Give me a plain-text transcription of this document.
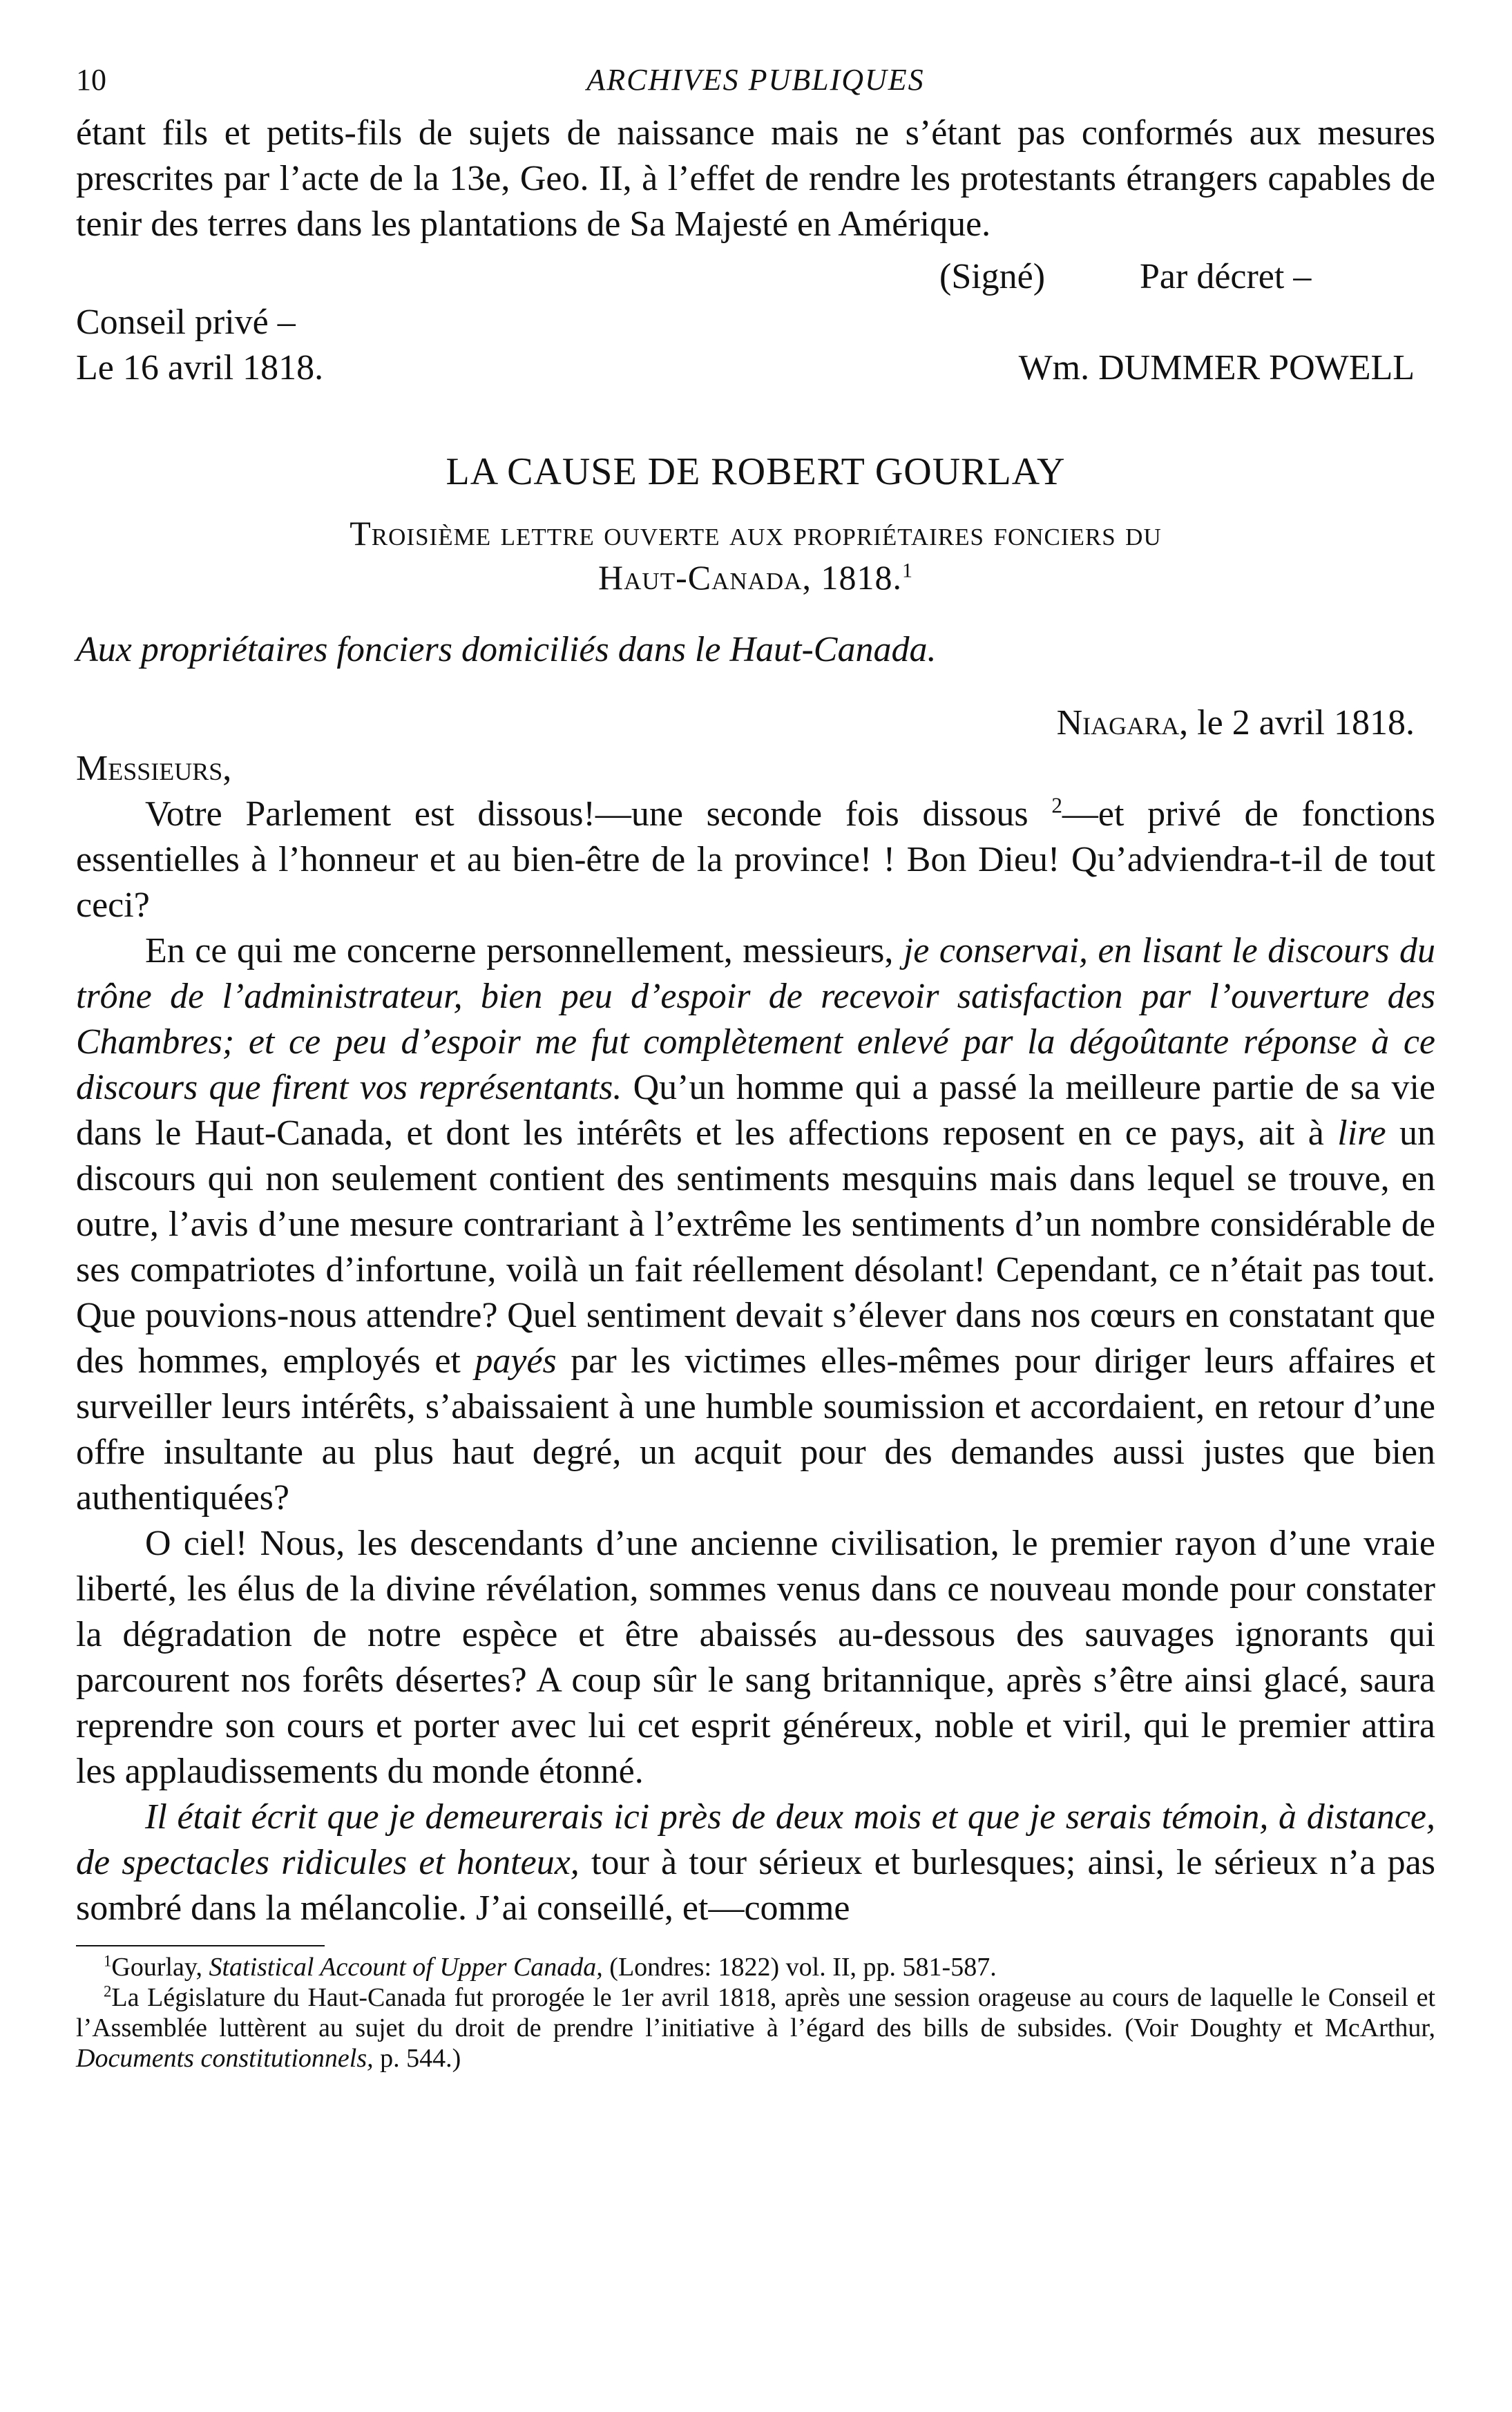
10	ARCHIVES PUBLIQUES

étant fils et petits-fils de sujets de naissance mais ne s’étant pas conformés aux mesures prescrites par l’acte de la 13e, Geo. II, à l’effet de rendre les protestants étrangers capables de tenir des terres dans les plantations de Sa Majesté en Amérique.

(Signé)	Par décret –
Conseil privé –
Le 16 avril 1818.	Wm. DUMMER POWELL
LA CAUSE DE ROBERT GOURLAY
Troisième lettre ouverte aux propriétaires fonciers du
Haut-Canada, 1818.$^1$
Aux propriétaires fonciers domiciliés dans le Haut-Canada.
Niagara, le 2 avril 1818.
Messieurs,

Votre Parlement est dissous!—une seconde fois dissous $^2$—et privé de fonctions essentielles à l’honneur et au bien-être de la province! ! Bon Dieu! Qu’adviendra-t-il de tout ceci?

En ce qui me concerne personnellement, messieurs, je conservai, en lisant le discours du trône de l’administrateur, bien peu d’espoir de recevoir satisfaction par l’ouverture des Chambres; et ce peu d’espoir me fut complètement enlevé par la dégoûtante réponse à ce discours que firent vos représentants. Qu’un homme qui a passé la meilleure partie de sa vie dans le Haut-Canada, et dont les intérêts et les affections reposent en ce pays, ait à lire un discours qui non seulement contient des sentiments mesquins mais dans lequel se trouve, en outre, l’avis d’une mesure contrariant à l’extrême les sentiments d’un nombre considérable de ses compatriotes d’infortune, voilà un fait réellement désolant! Cependant, ce n’était pas tout. Que pouvions-nous attendre? Quel sentiment devait s’élever dans nos cœurs en constatant que des hommes, employés et payés par les victimes elles-mêmes pour diriger leurs affaires et surveiller leurs intérêts, s’abaissaient à une humble soumission et accordaient, en retour d’une offre insultante au plus haut degré, un acquit pour des demandes aussi justes que bien authentiquées?

O ciel! Nous, les descendants d’une ancienne civilisation, le premier rayon d’une vraie liberté, les élus de la divine révélation, sommes venus dans ce nouveau monde pour constater la dégradation de notre espèce et être abaissés au-dessous des sauvages ignorants qui parcourent nos forêts désertes? A coup sûr le sang britannique, après s’être ainsi glacé, saura reprendre son cours et porter avec lui cet esprit généreux, noble et viril, qui le premier attira les applaudissements du monde étonné.

Il était écrit que je demeurerais ici près de deux mois et que je serais témoin, à distance, de spectacles ridicules et honteux, tour à tour sérieux et burlesques; ainsi, le sérieux n’a pas sombré dans la mélancolie. J’ai conseillé, et—comme

$^1$Gourlay, Statistical Account of Upper Canada, (Londres: 1822) vol. II, pp. 581-587.

$^2$La Législature du Haut-Canada fut prorogée le 1er avril 1818, après une session orageuse au cours de laquelle le Conseil et l’Assemblée luttèrent au sujet du droit de prendre l’initiative à l’égard des bills de subsides. (Voir Doughty et McArthur, Documents constitutionnels, p. 544.)
